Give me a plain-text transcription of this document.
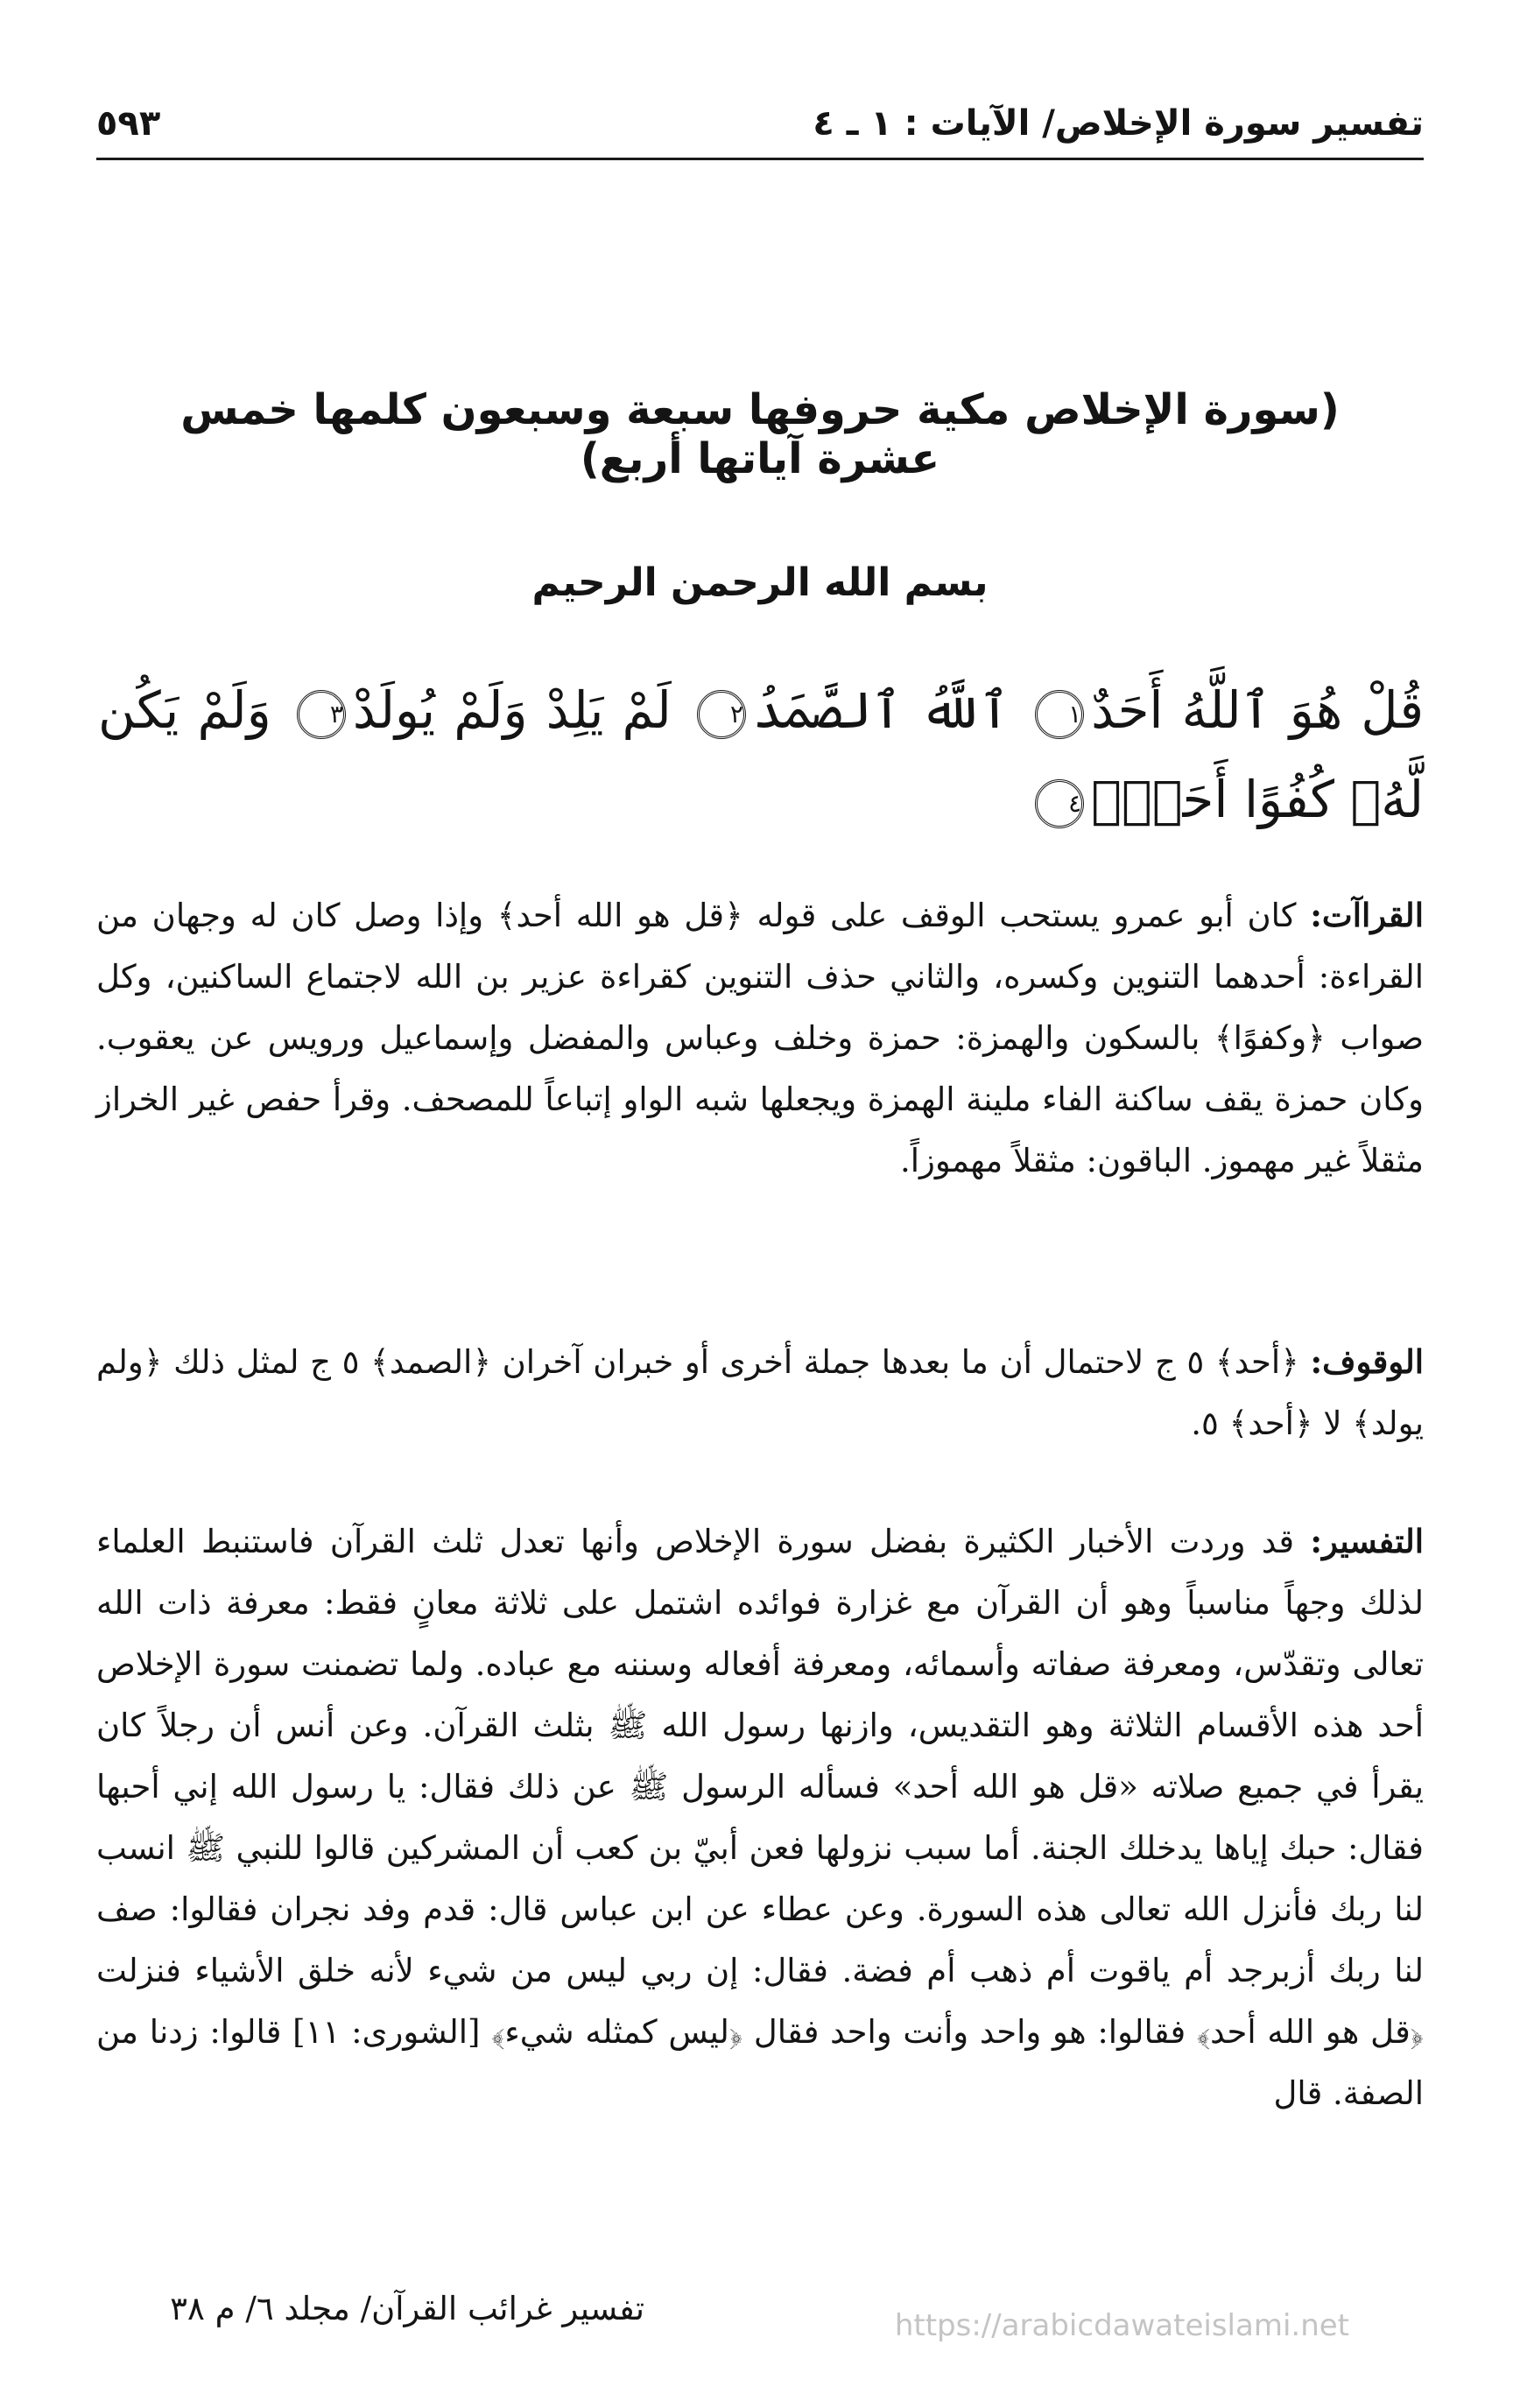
تفسير سورة الإخلاص/ الآيات : ١ ـ ٤
٥٩٣
(سورة الإخلاص مكية حروفها سبعة وسبعون كلمها خمس عشرة آياتها أربع)
بسم الله الرحمن الرحيم
قُلْ هُوَ ٱللَّهُ أَحَدٌ١ ٱللَّهُ ٱلصَّمَدُ٢ لَمْ يَلِدْ وَلَمْ يُولَدْ٣ وَلَمْ يَكُن لَّهُۥ كُفُوًا أَحَدٌۢ٤
القراآت: كان أبو عمرو يستحب الوقف على قوله ﴿قل هو الله أحد﴾ وإذا وصل كان له وجهان من القراءة: أحدهما التنوين وكسره، والثاني حذف التنوين كقراءة عزير بن الله لاجتماع الساكنين، وكل صواب ﴿وكفوًا﴾ بالسكون والهمزة: حمزة وخلف وعباس والمفضل وإسماعيل ورويس عن يعقوب. وكان حمزة يقف ساكنة الفاء ملينة الهمزة ويجعلها شبه الواو إتباعاً للمصحف. وقرأ حفص غير الخراز مثقلاً غير مهموز. الباقون: مثقلاً مهموزاً.
الوقوف: ﴿أحد﴾ ٥ ج لاحتمال أن ما بعدها جملة أخرى أو خبران آخران ﴿الصمد﴾ ٥ ج لمثل ذلك ﴿ولم يولد﴾ لا ﴿أحد﴾ ٥.
التفسير: قد وردت الأخبار الكثيرة بفضل سورة الإخلاص وأنها تعدل ثلث القرآن فاستنبط العلماء لذلك وجهاً مناسباً وهو أن القرآن مع غزارة فوائده اشتمل على ثلاثة معانٍ فقط: معرفة ذات الله تعالى وتقدّس، ومعرفة صفاته وأسمائه، ومعرفة أفعاله وسننه مع عباده. ولما تضمنت سورة الإخلاص أحد هذه الأقسام الثلاثة وهو التقديس، وازنها رسول الله ﷺ بثلث القرآن. وعن أنس أن رجلاً كان يقرأ في جميع صلاته «قل هو الله أحد» فسأله الرسول ﷺ عن ذلك فقال: يا رسول الله إني أحبها فقال: حبك إياها يدخلك الجنة. أما سبب نزولها فعن أبيّ بن كعب أن المشركين قالوا للنبي ﷺ انسب لنا ربك فأنزل الله تعالى هذه السورة. وعن عطاء عن ابن عباس قال: قدم وفد نجران فقالوا: صف لنا ربك أزبرجد أم ياقوت أم ذهب أم فضة. فقال: إن ربي ليس من شيء لأنه خلق الأشياء فنزلت ﴿قل هو الله أحد﴾ فقالوا: هو واحد وأنت واحد فقال ﴿ليس كمثله شيء﴾ [الشورى: ١١] قالوا: زدنا من الصفة. قال
تفسير غرائب القرآن/ مجلد ٦/ م ٣٨	https://arabicdawateislami.net
